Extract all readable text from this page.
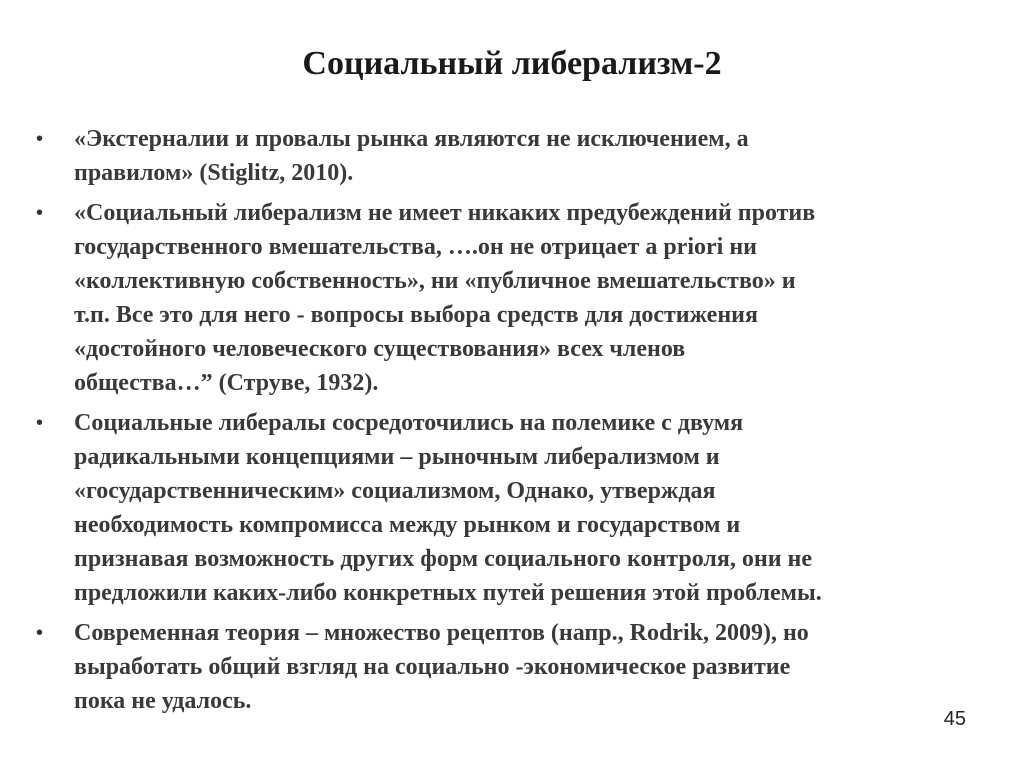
Социальный либерализм-2
• «Экстерналии и провалы рынка являются не исключением, а
правилом» (Stiglitz, 2010).

• «Социальный либерализм не имеет никаких предубеждений против
государственного вмешательства, ….он не отрицает a priori ни
«коллективную собственность», ни «публичное вмешательство» и
т.п. Все это для него - вопросы выбора средств для достижения
«достойного человеческого существования» всех членов
общества…” (Струве, 1932).

• Социальные либералы сосредоточились на полемике с двумя
радикальными концепциями – рыночным либерализмом и
«государственническим» социализмом, Однако, утверждая
необходимость компромисса между рынком и государством и
признавая возможность других форм социального контроля, они не
предложили каких-либо конкретных путей решения этой проблемы.

• Современная теория – множество рецептов (напр., Rodrik, 2009), но
выработать общий взгляд на социально -экономическое развитие
пока не удалось.

45
